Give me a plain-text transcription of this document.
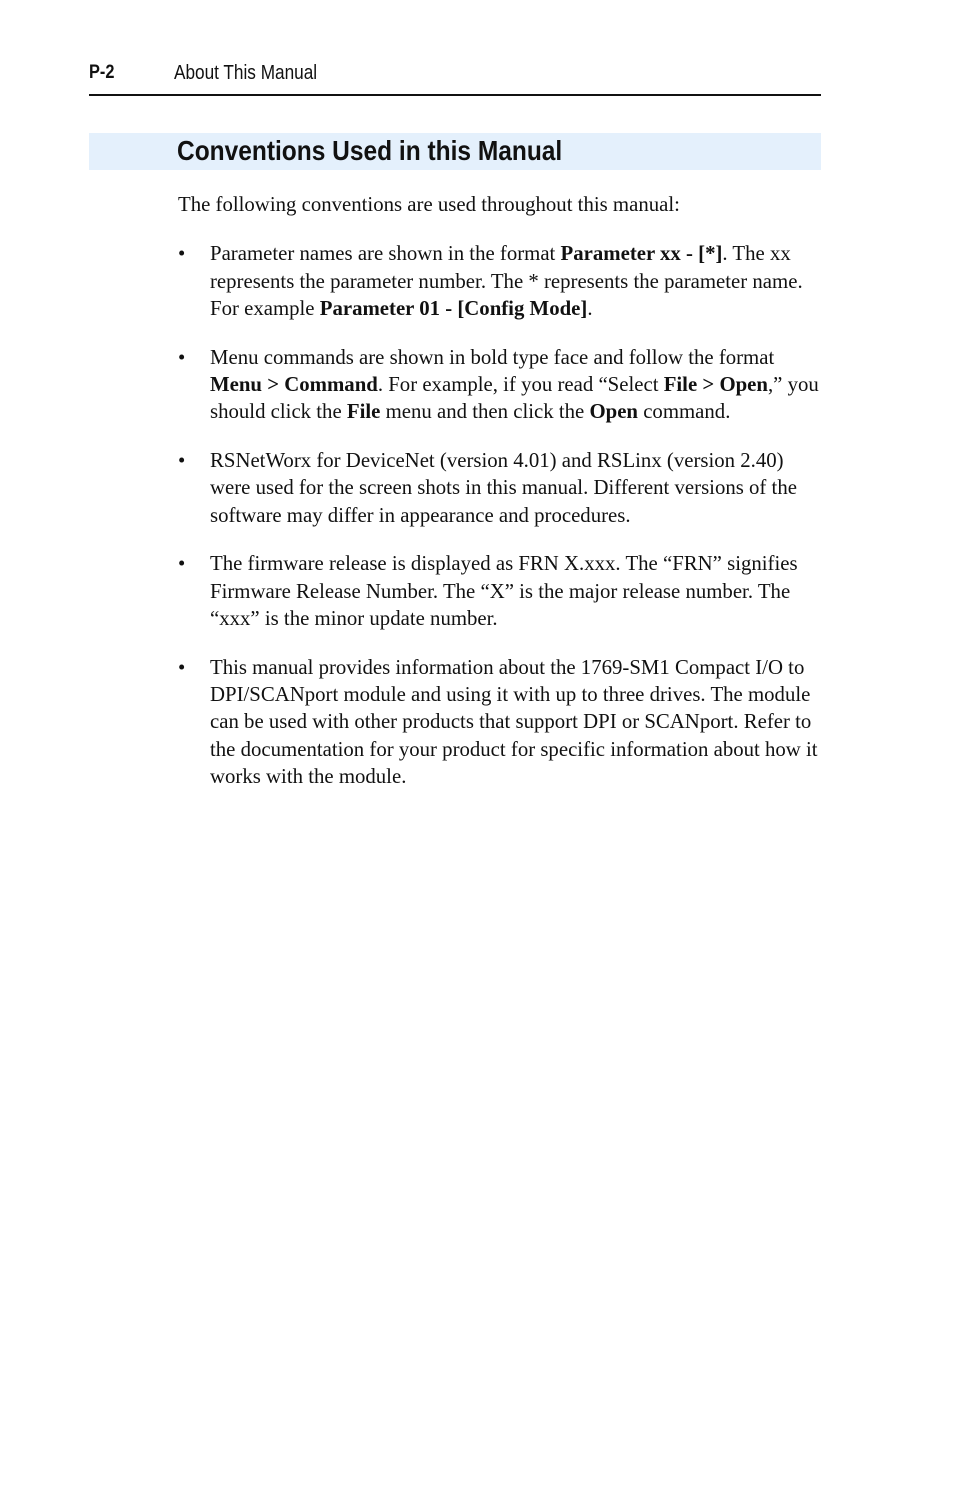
P-2	About This Manual
Conventions Used in this Manual

The following conventions are used throughout this manual:

• Parameter names are shown in the format Parameter xx - [*]. The xx represents the parameter number. The * represents the parameter name. For example Parameter 01 - [Config Mode].
• Menu commands are shown in bold type face and follow the format Menu > Command. For example, if you read “Select File > Open,” you should click the File menu and then click the Open command.
• RSNetWorx for DeviceNet (version 4.01) and RSLinx (version 2.40) were used for the screen shots in this manual. Different versions of the software may differ in appearance and procedures.
• The firmware release is displayed as FRN X.xxx. The “FRN” signifies Firmware Release Number. The “X” is the major release number. The “xxx” is the minor update number.
• This manual provides information about the 1769-SM1 Compact I/O to DPI/SCANport module and using it with up to three drives. The module can be used with other products that support DPI or SCANport. Refer to the documentation for your product for specific information about how it works with the module.
